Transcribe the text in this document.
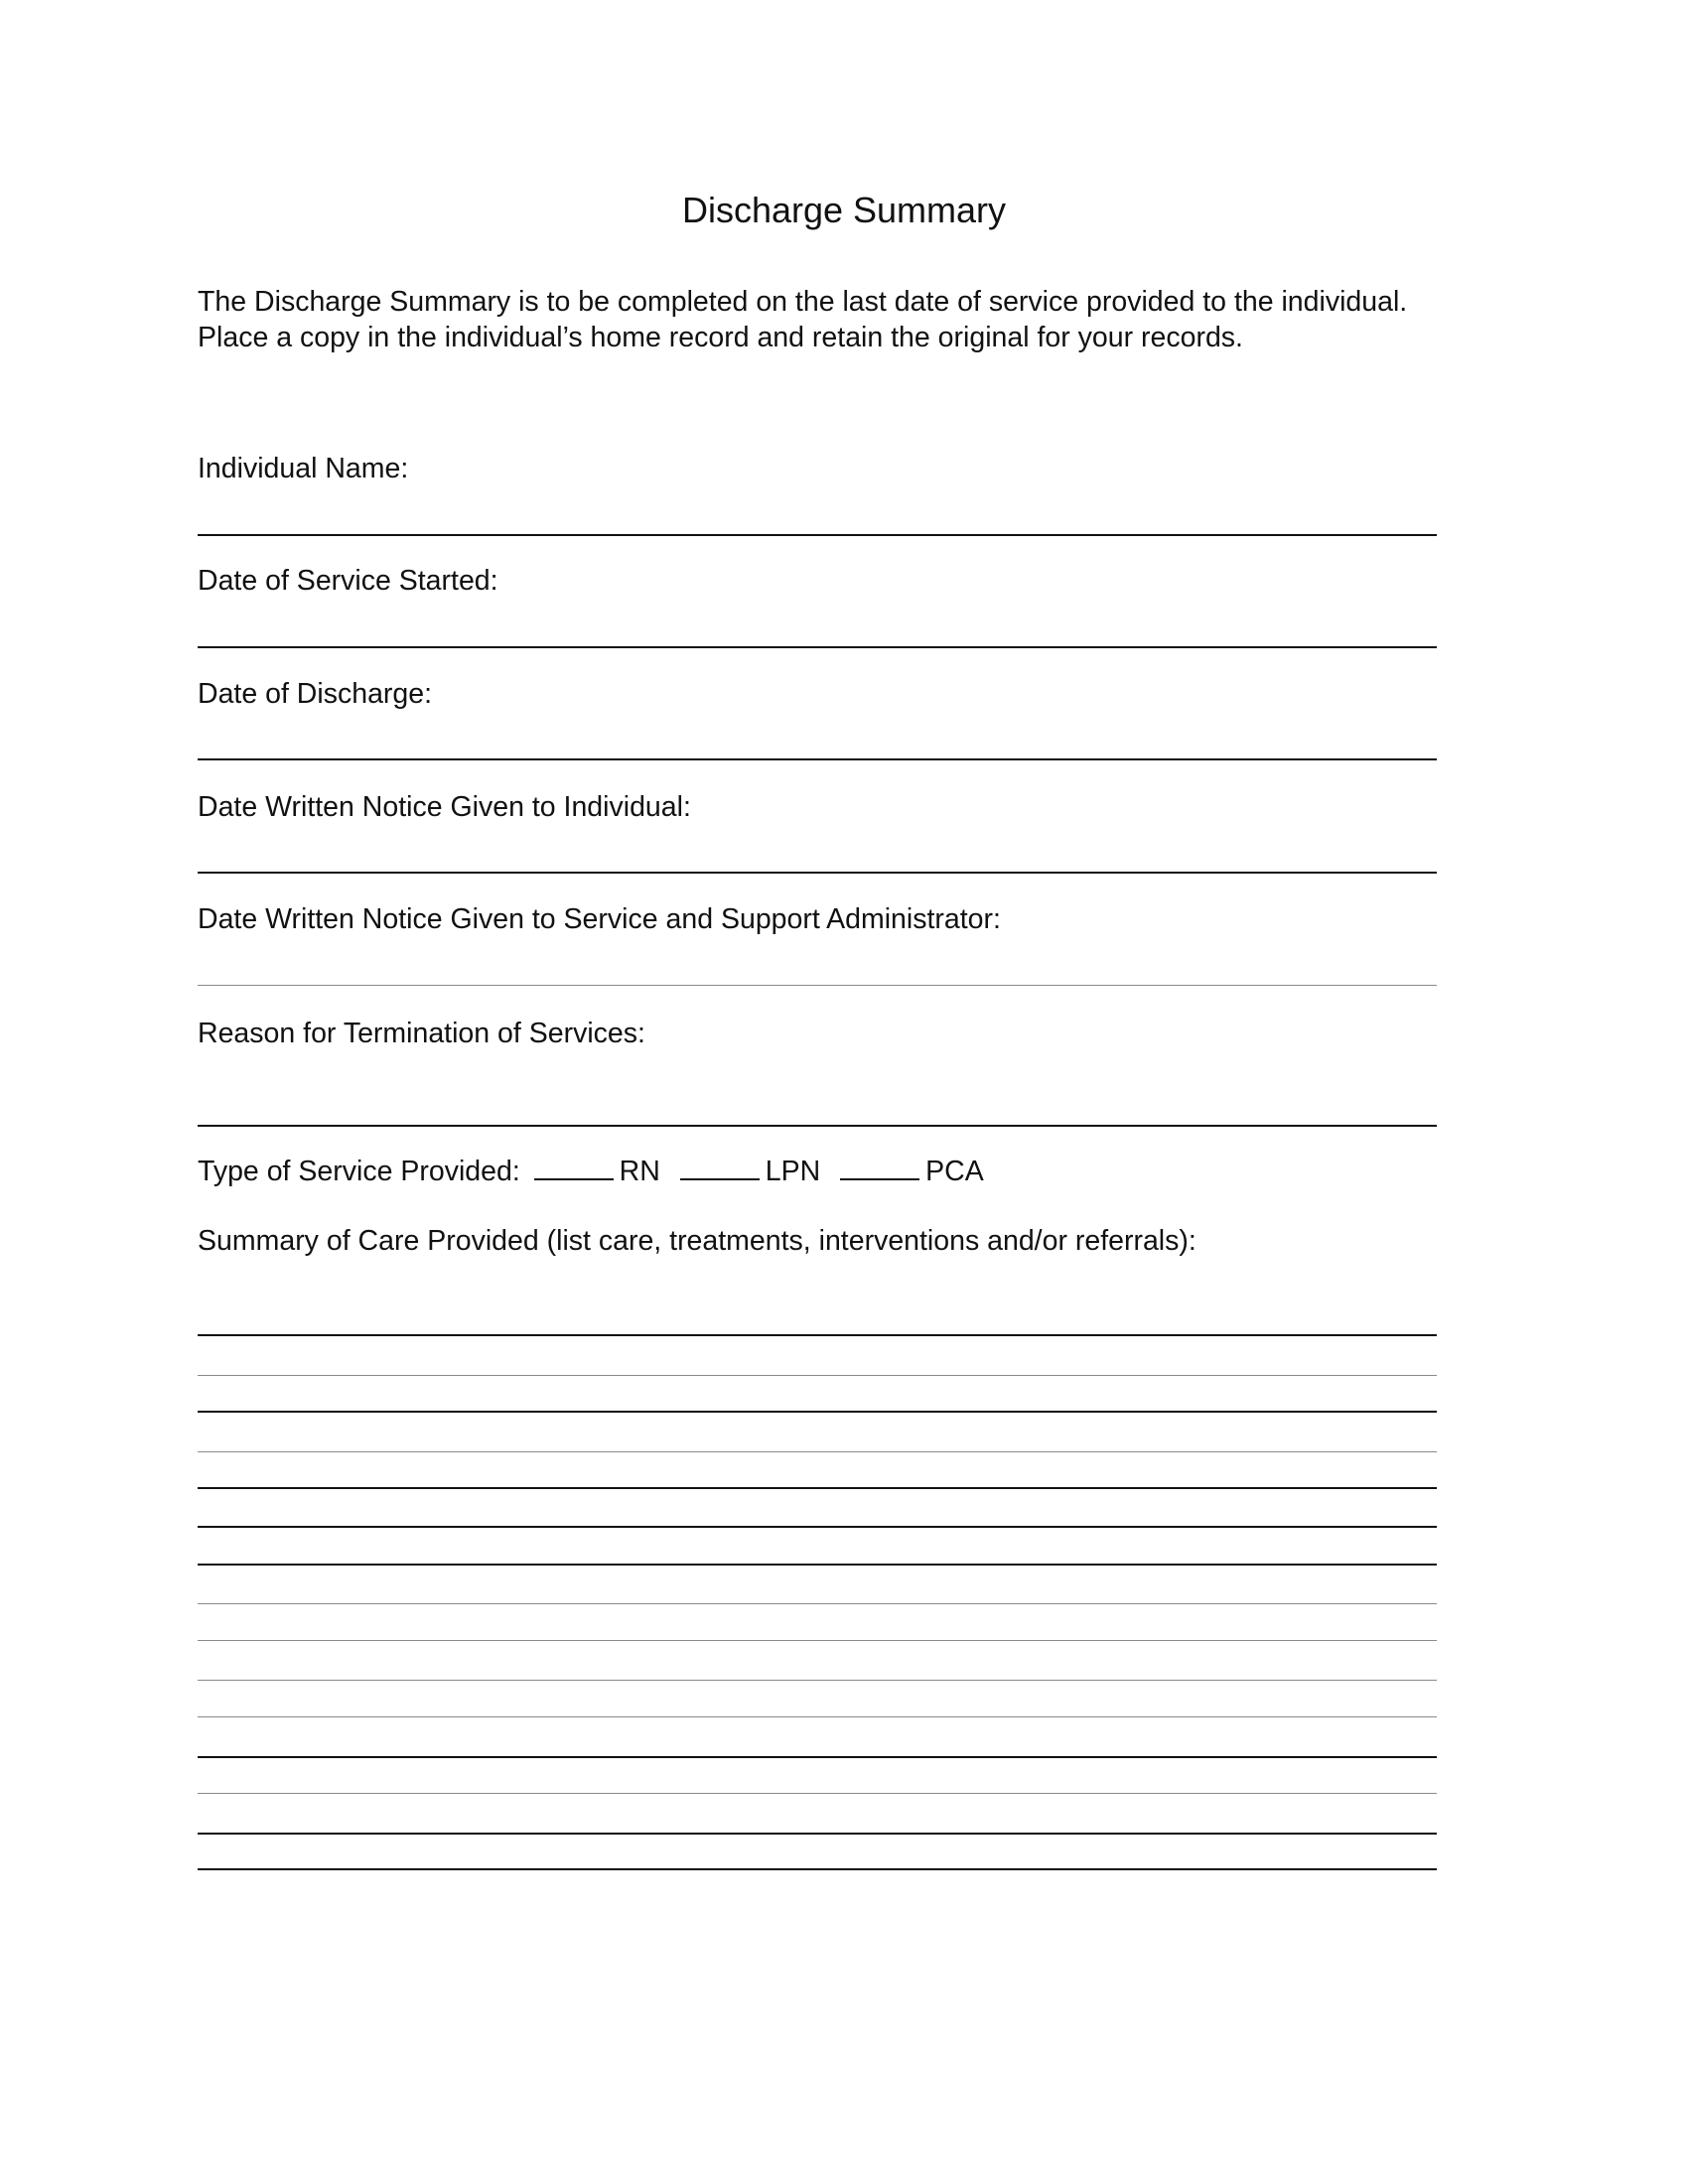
Discharge Summary
The Discharge Summary is to be completed on the last date of service provided to the individual.
Place a copy in the individual’s home record and retain the original for your records.
Individual Name:
Date of Service Started:
Date of Discharge:
Date Written Notice Given to Individual:
Date Written Notice Given to Service and Support Administrator:
Reason for Termination of Services:
Type of Service Provided:	RN	LPN	PCA
Summary of Care Provided (list care, treatments, interventions and/or referrals):
